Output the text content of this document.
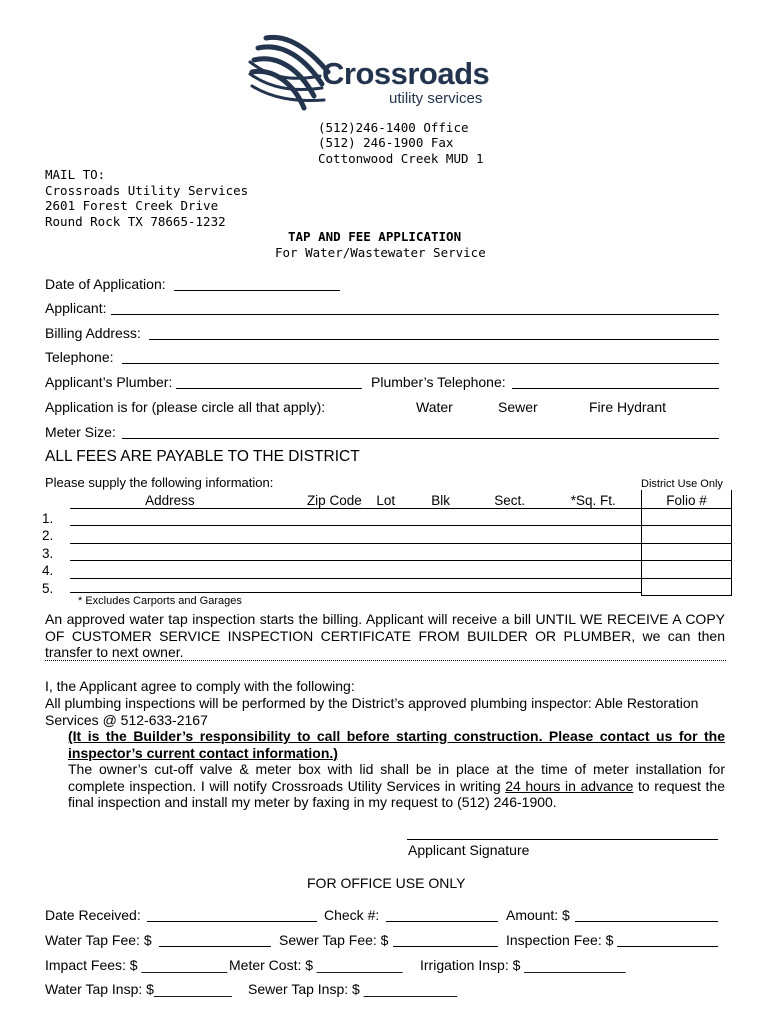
Crossroads
utility services
(512)246-1400 Office
(512) 246-1900 Fax
Cottonwood Creek MUD 1
MAIL TO:
Crossroads Utility Services
2601 Forest Creek Drive
Round Rock TX 78665-1232
TAP AND FEE APPLICATION
For Water/Wastewater Service
Date of Application:
Applicant:
Billing Address:
Telephone:
Applicant’s Plumber:	Plumber’s Telephone:
Application is for (please circle all that apply):	Water	Sewer	Fire Hydrant
Meter Size:
ALL FEES ARE PAYABLE TO THE DISTRICT
Please supply the following information:	District Use Only
	Address	Zip Code	Lot	Blk	Sect.	*Sq. Ft.	Folio #
1.							
2.							
3.							
4.							
5.							
* Excludes Carports and Garages
An approved water tap inspection starts the billing. Applicant will receive a bill UNTIL WE RECEIVE A COPY OF CUSTOMER SERVICE INSPECTION CERTIFICATE FROM BUILDER OR PLUMBER, we can then transfer to next owner.
I, the Applicant agree to comply with the following:
All plumbing inspections will be performed by the District’s approved plumbing inspector: Able Restoration Services @ 512-633-2167
(It is the Builder’s responsibility to call before starting construction. Please contact us for the inspector’s current contact information.)
The owner’s cut-off valve & meter box with lid shall be in place at the time of meter installation for complete inspection. I will notify Crossroads Utility Services in writing 24 hours in advance to request the final inspection and install my meter by faxing in my request to (512) 246-1900.
Applicant Signature
FOR OFFICE USE ONLY
Date Received:	Check #:	Amount: $
Water Tap Fee: $	Sewer Tap Fee: $	Inspection Fee: $
Impact Fees: $ ___________ Meter Cost: $ ___________ Irrigation Insp: $ _____________
Water Tap Insp: $__________ Sewer Tap Insp: $ ____________
